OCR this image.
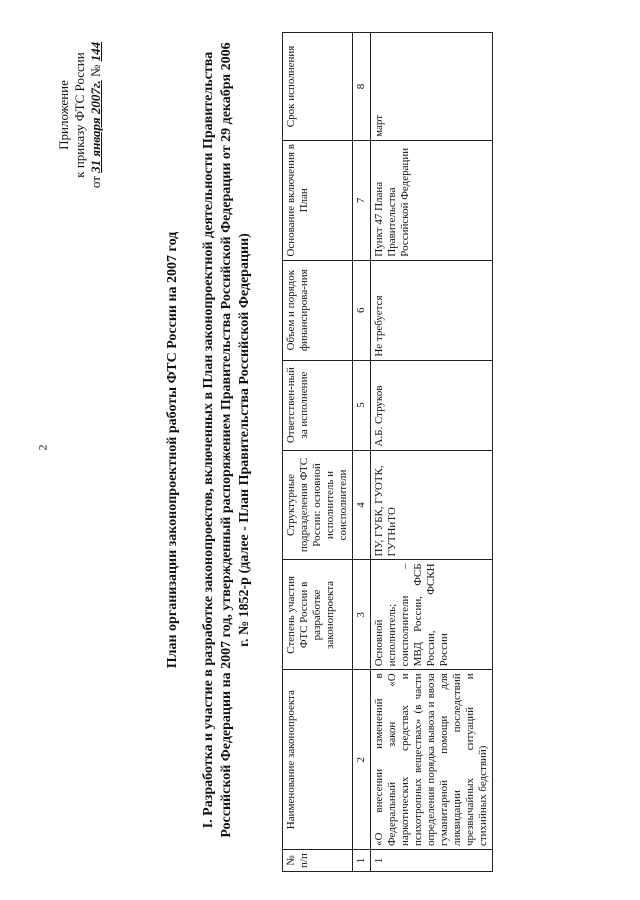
2
Приложение к приказу ФТС России
от 31 января 2007г. № 144
План организации законопроектной работы ФТС России на 2007 год I. Разработка и участие в разработке законопроектов, включенных в План законопроектной деятельности Правительства Российской Федерации на 2007 год, утвержденный распоряжением Правительства Российской Федерации от 29 декабря 2006 г. № 1852-р (далее - План Правительства Российской Федерации)
№ п/п	Наименование законопроекта	Степень участия ФТС России в разработке законопроекта	Структурные подразделения ФТС России: основной исполнитель и соисполнители	Ответствен-ный за исполнение	Объем и порядок финансирова-ния	Основание включения в План	Срок исполнения
1	2	3	4	5	6	7	8
1	«О внесении изменений в Федеральный закон «О наркотических средствах и психотропных веществах» (в части определения порядка вывоза и ввоза гуманитарной помощи для ликвидации последствий чрезвычайных ситуаций и стихийных бедствий)	Основной исполнитель; соисполнители – МВД России, ФСБ России, ФСКН России	ПУ, ГУБК, ГУОТК, ГУТНиТО	А.Б. Струков	Не требуется	Пункт 47 Плана Правительства Российской Федерации	март
